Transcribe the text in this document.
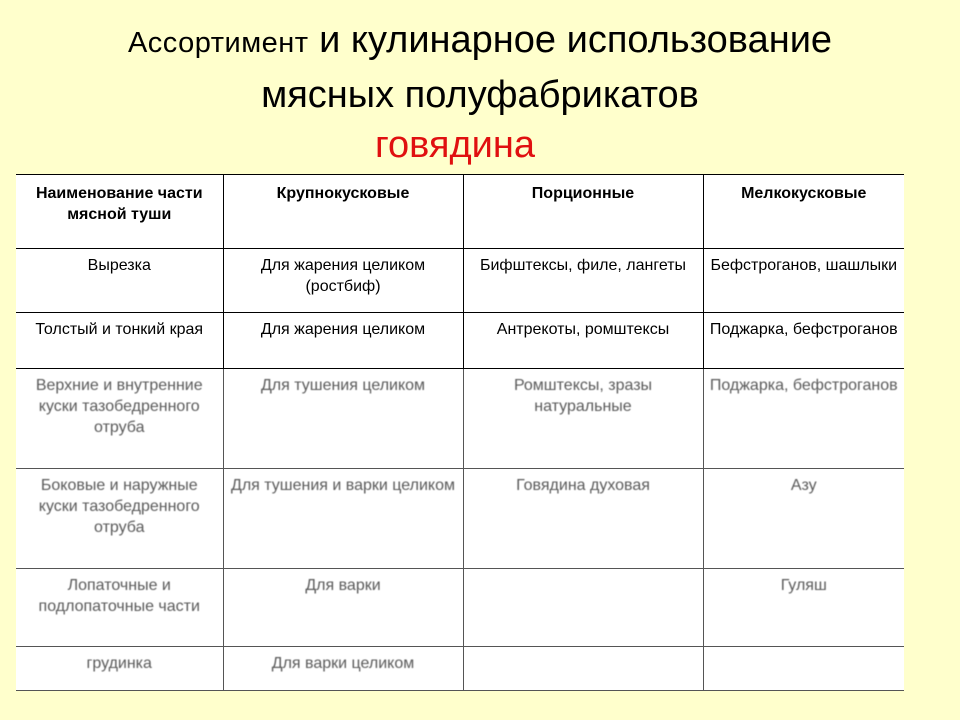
Ассортимент и кулинарное использование
мясных полуфабрикатов
говядина
Наименование части мясной туши	Крупнокусковые	Порционные	Мелкокусковые
Вырезка	Для жарения целиком (ростбиф)	Бифштексы, филе, лангеты	Бефстроганов, шашлыки
Толстый и тонкий края	Для жарения целиком	Антрекоты, ромштексы	Поджарка, бефстроганов
Верхние и внутренние куски тазобедренного отруба	Для тушения целиком	Ромштексы, зразы натуральные	Поджарка, бефстроганов
Боковые и наружные куски тазобедренного отруба	Для тушения и варки целиком	Говядина духовая	Азу
Лопаточные и подлопаточные части	Для варки		Гуляш
грудинка	Для варки целиком		
